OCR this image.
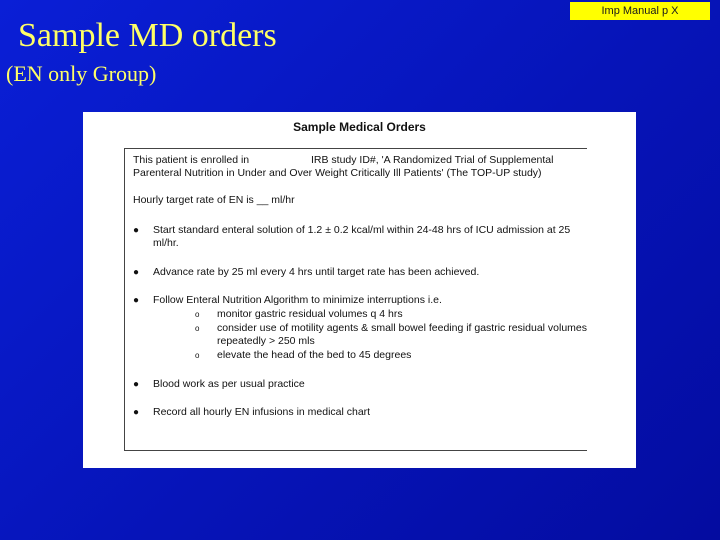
Sample MD orders
(EN only Group)
Imp Manual p X
Sample Medical Orders
This patient is enrolled in	IRB study ID#, 'A Randomized Trial of Supplemental
Parenteral Nutrition in Under and Over Weight Critically Ill Patients' (The TOP-UP study)
Hourly target rate of EN is __ ml/hr
● Start standard enteral solution of 1.2 ± 0.2 kcal/ml within 24-48 hrs of ICU admission at 25
ml/hr.
● Advance rate by 25 ml every 4 hrs until target rate has been achieved.
● Follow Enteral Nutrition Algorithm to minimize interruptions i.e.
o monitor gastric residual volumes q 4 hrs
o consider use of motility agents & small bowel feeding if gastric residual volumes
repeatedly > 250 mls
o elevate the head of the bed to 45 degrees
● Blood work as per usual practice
● Record all hourly EN infusions in medical chart
